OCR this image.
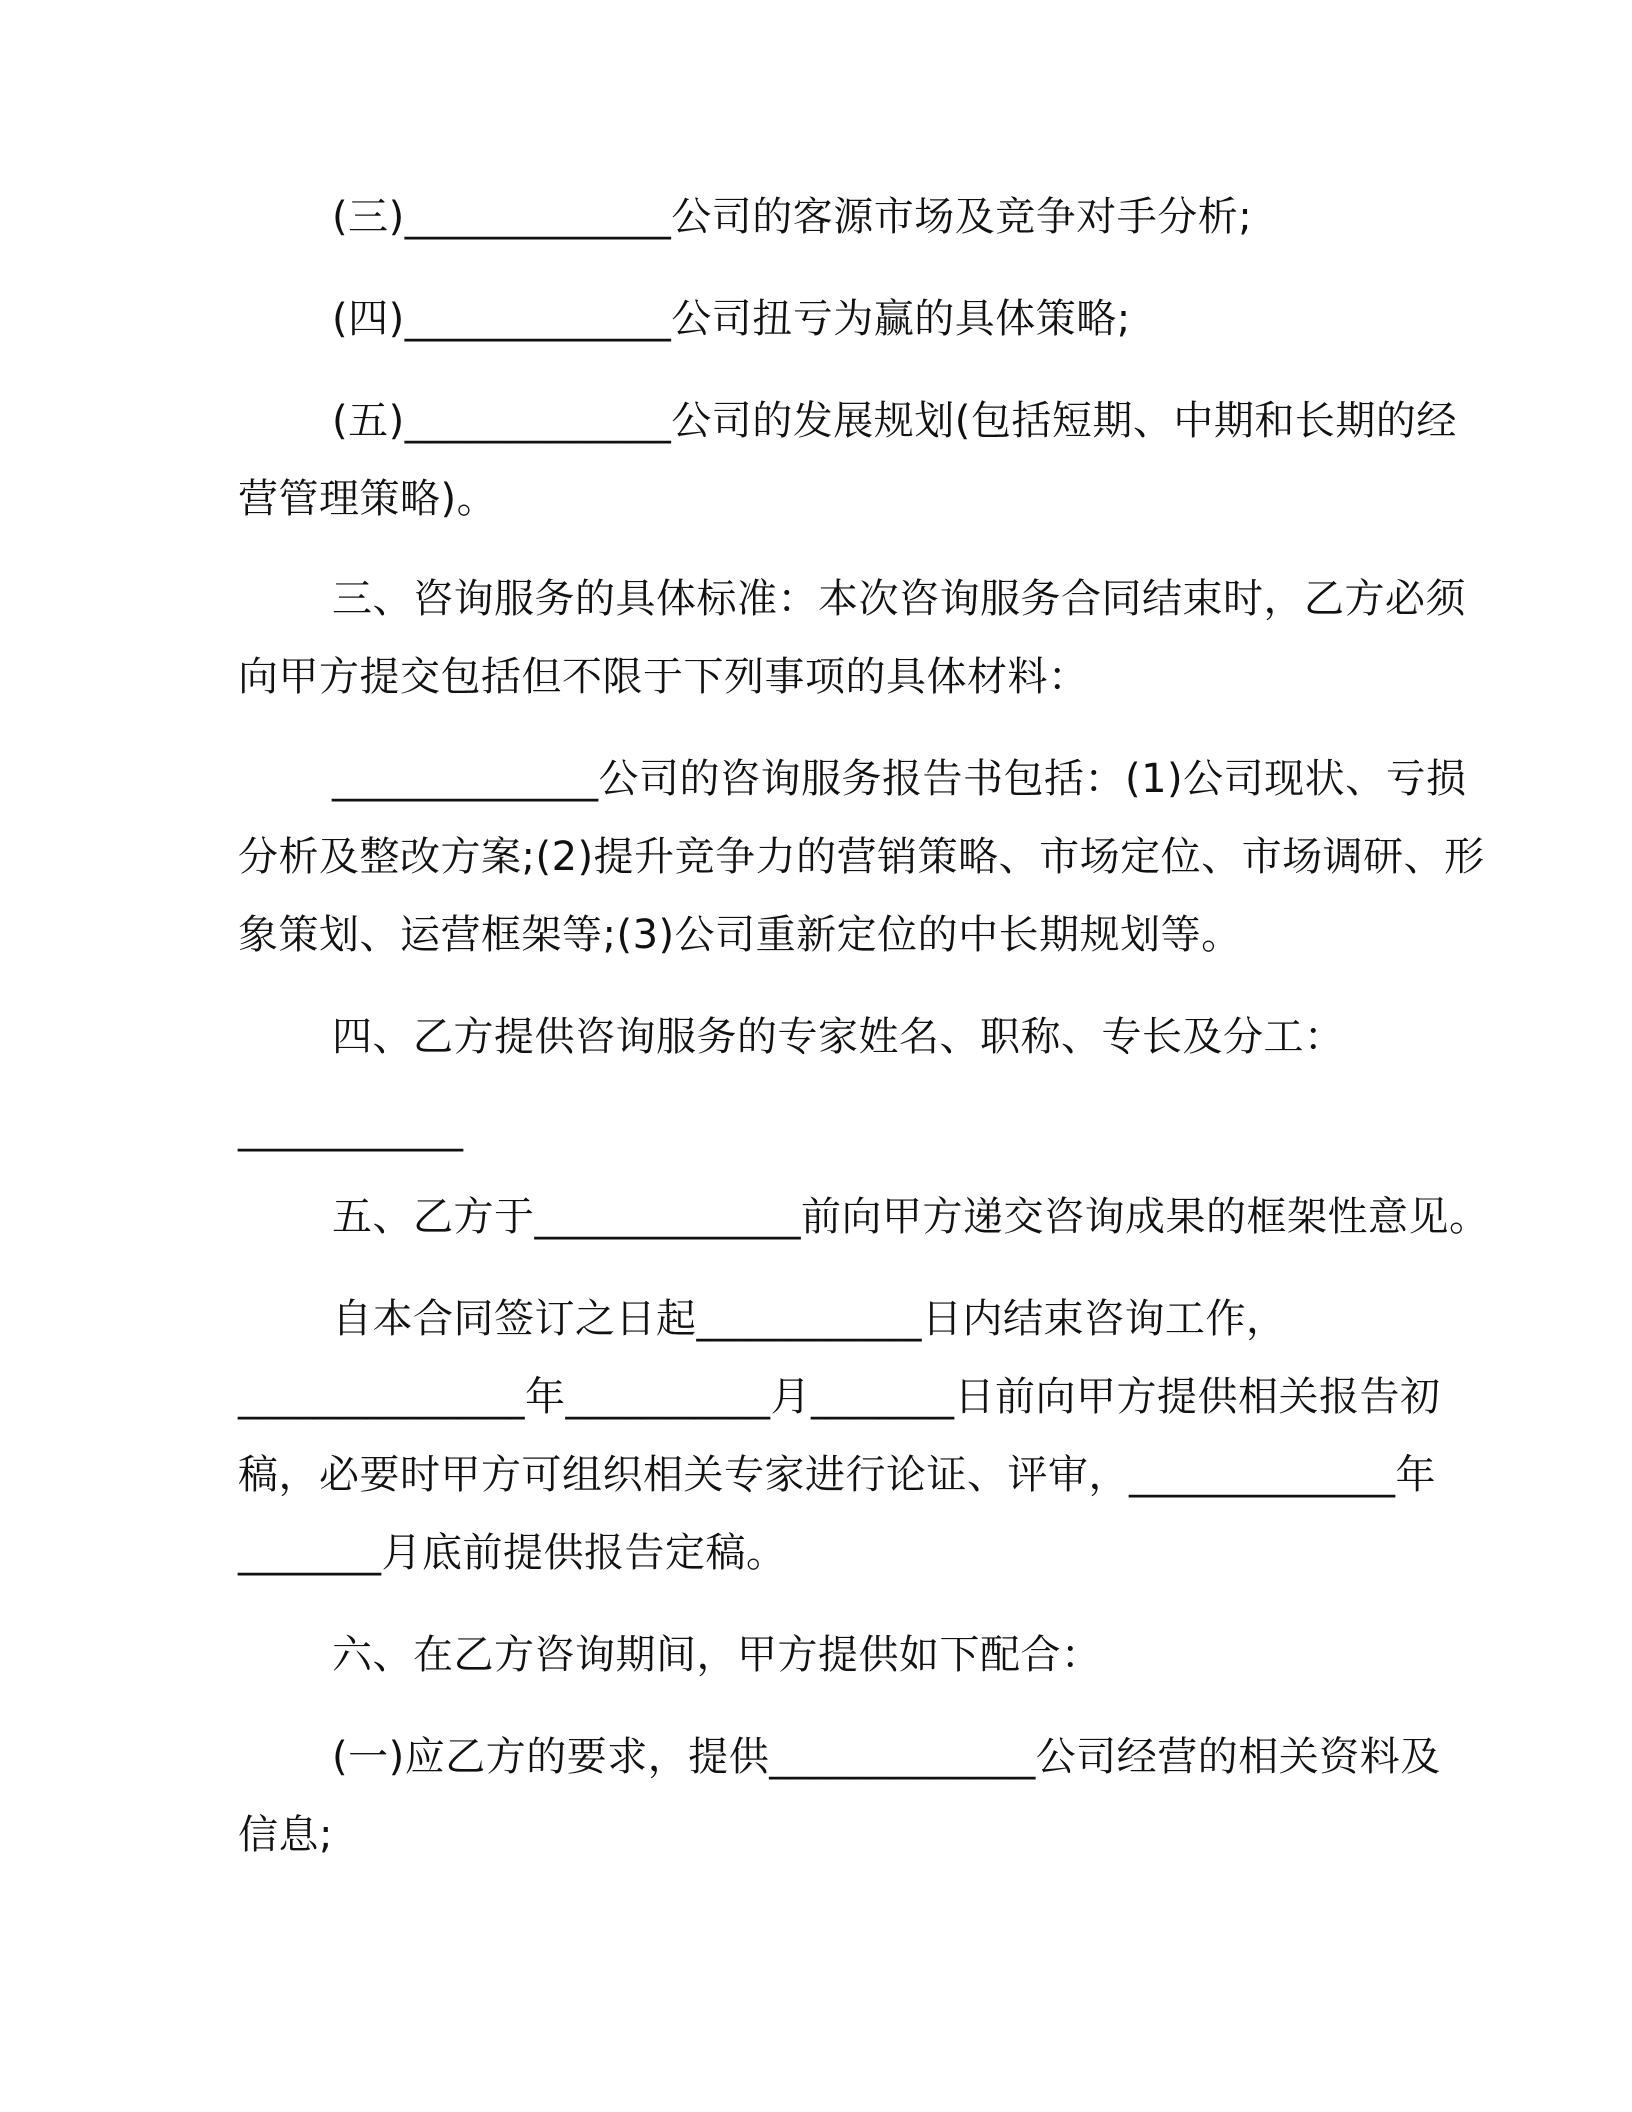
(三)_____________公司的客源市场及竞争对手分析;
(四)_____________公司扭亏为赢的具体策略;
(五)_____________公司的发展规划(包括短期、中期和长期的经
营管理策略)。
三、咨询服务的具体标准：本次咨询服务合同结束时，乙方必须
向甲方提交包括但不限于下列事项的具体材料：
_____________公司的咨询服务报告书包括：(1)公司现状、亏损
分析及整改方案;(2)提升竞争力的营销策略、市场定位、市场调研、形
象策划、运营框架等;(3)公司重新定位的中长期规划等。
四、乙方提供咨询服务的专家姓名、职称、专长及分工：
___________
五、乙方于_____________前向甲方递交咨询成果的框架性意见。
自本合同签订之日起___________日内结束咨询工作，
______________年__________月_______日前向甲方提供相关报告初
稿，必要时甲方可组织相关专家进行论证、评审，_____________年
_______月底前提供报告定稿。
六、在乙方咨询期间，甲方提供如下配合：
(一)应乙方的要求，提供_____________公司经营的相关资料及
信息;
